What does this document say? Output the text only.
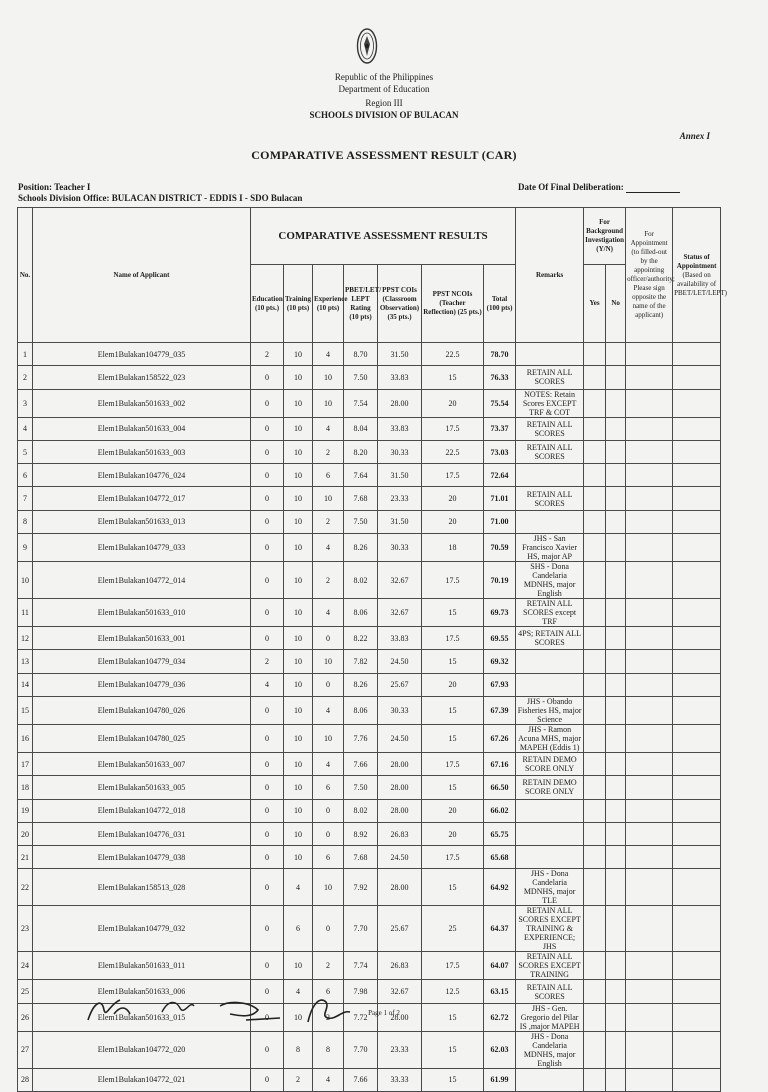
Republic of the Philippines
Department of Education
Region III
SCHOOLS DIVISION OF BULACAN
Annex I
COMPARATIVE ASSESSMENT RESULT (CAR)
Position: Teacher I
Schools Division Office: BULACAN DISTRICT - EDDIS I - SDO Bulacan
Date Of Final Deliberation:
No.	Name of Applicant	COMPARATIVE ASSESSMENT RESULTS							Remarks	For Background Investigation (Y/N)		For Appointment (to filled-out by the appointing officer/authority; Please sign opposite the name of the applicant)	Status of Appointment
(Based on availability of PBET/LET/LEPT)
		Education (10 pts.)	Training (10 pts)	Experience (10 pts)	PBET/LET/ LEPT Rating (10 pts)	PPST COIs (Classroom Observation) (35 pts.)	PPST NCOIs (Teacher Reflection) (25 pts.)	Total (100 pts)		Yes	No		
1	Elem1Bulakan104779_035	2	10	4	8.70	31.50	22.5	78.70					
2	Elem1Bulakan158522_023	0	10	10	7.50	33.83	15	76.33	RETAIN ALL SCORES				
3	Elem1Bulakan501633_002	0	10	10	7.54	28.00	20	75.54	NOTES: Retain Scores EXCEPT TRF & COT				
4	Elem1Bulakan501633_004	0	10	4	8.04	33.83	17.5	73.37	RETAIN ALL SCORES				
5	Elem1Bulakan501633_003	0	10	2	8.20	30.33	22.5	73.03	RETAIN ALL SCORES				
6	Elem1Bulakan104776_024	0	10	6	7.64	31.50	17.5	72.64					
7	Elem1Bulakan104772_017	0	10	10	7.68	23.33	20	71.01	RETAIN ALL SCORES				
8	Elem1Bulakan501633_013	0	10	2	7.50	31.50	20	71.00					
9	Elem1Bulakan104779_033	0	10	4	8.26	30.33	18	70.59	JHS - San Francisco Xavier HS, major AP				
10	Elem1Bulakan104772_014	0	10	2	8.02	32.67	17.5	70.19	SHS - Dona Candelaria MDNHS, major English				
11	Elem1Bulakan501633_010	0	10	4	8.06	32.67	15	69.73	RETAIN ALL SCORES except TRF				
12	Elem1Bulakan501633_001	0	10	0	8.22	33.83	17.5	69.55	4PS; RETAIN ALL SCORES				
13	Elem1Bulakan104779_034	2	10	10	7.82	24.50	15	69.32					
14	Elem1Bulakan104779_036	4	10	0	8.26	25.67	20	67.93					
15	Elem1Bulakan104780_026	0	10	4	8.06	30.33	15	67.39	JHS - Obando Fisheries HS, major Science				
16	Elem1Bulakan104780_025	0	10	10	7.76	24.50	15	67.26	JHS - Ramon Acuna MHS, major MAPEH (Eddis 1)				
17	Elem1Bulakan501633_007	0	10	4	7.66	28.00	17.5	67.16	RETAIN DEMO SCORE ONLY				
18	Elem1Bulakan501633_005	0	10	6	7.50	28.00	15	66.50	RETAIN DEMO SCORE ONLY				
19	Elem1Bulakan104772_018	0	10	0	8.02	28.00	20	66.02					
20	Elem1Bulakan104776_031	0	10	0	8.92	26.83	20	65.75					
21	Elem1Bulakan104779_038	0	10	6	7.68	24.50	17.5	65.68					
22	Elem1Bulakan158513_028	0	4	10	7.92	28.00	15	64.92	JHS - Dona Candelaria MDNHS, major TLE				
23	Elem1Bulakan104779_032	0	6	0	7.70	25.67	25	64.37	RETAIN ALL SCORES EXCEPT TRAINING & EXPERIENCE; JHS				
24	Elem1Bulakan501633_011	0	10	2	7.74	26.83	17.5	64.07	RETAIN ALL SCORES EXCEPT TRAINING				
25	Elem1Bulakan501633_006	0	4	6	7.98	32.67	12.5	63.15	RETAIN ALL SCORES				
26	Elem1Bulakan501633_015	0	10	2	7.72	28.00	15	62.72	JHS - Gen. Gregorio del Pilar IS ,major MAPEH				
27	Elem1Bulakan104772_020	0	8	8	7.70	23.33	15	62.03	JHS - Dona Candelaria MDNHS, major English				
28	Elem1Bulakan104772_021	0	2	4	7.66	33.33	15	61.99					
Page 1 of 2
